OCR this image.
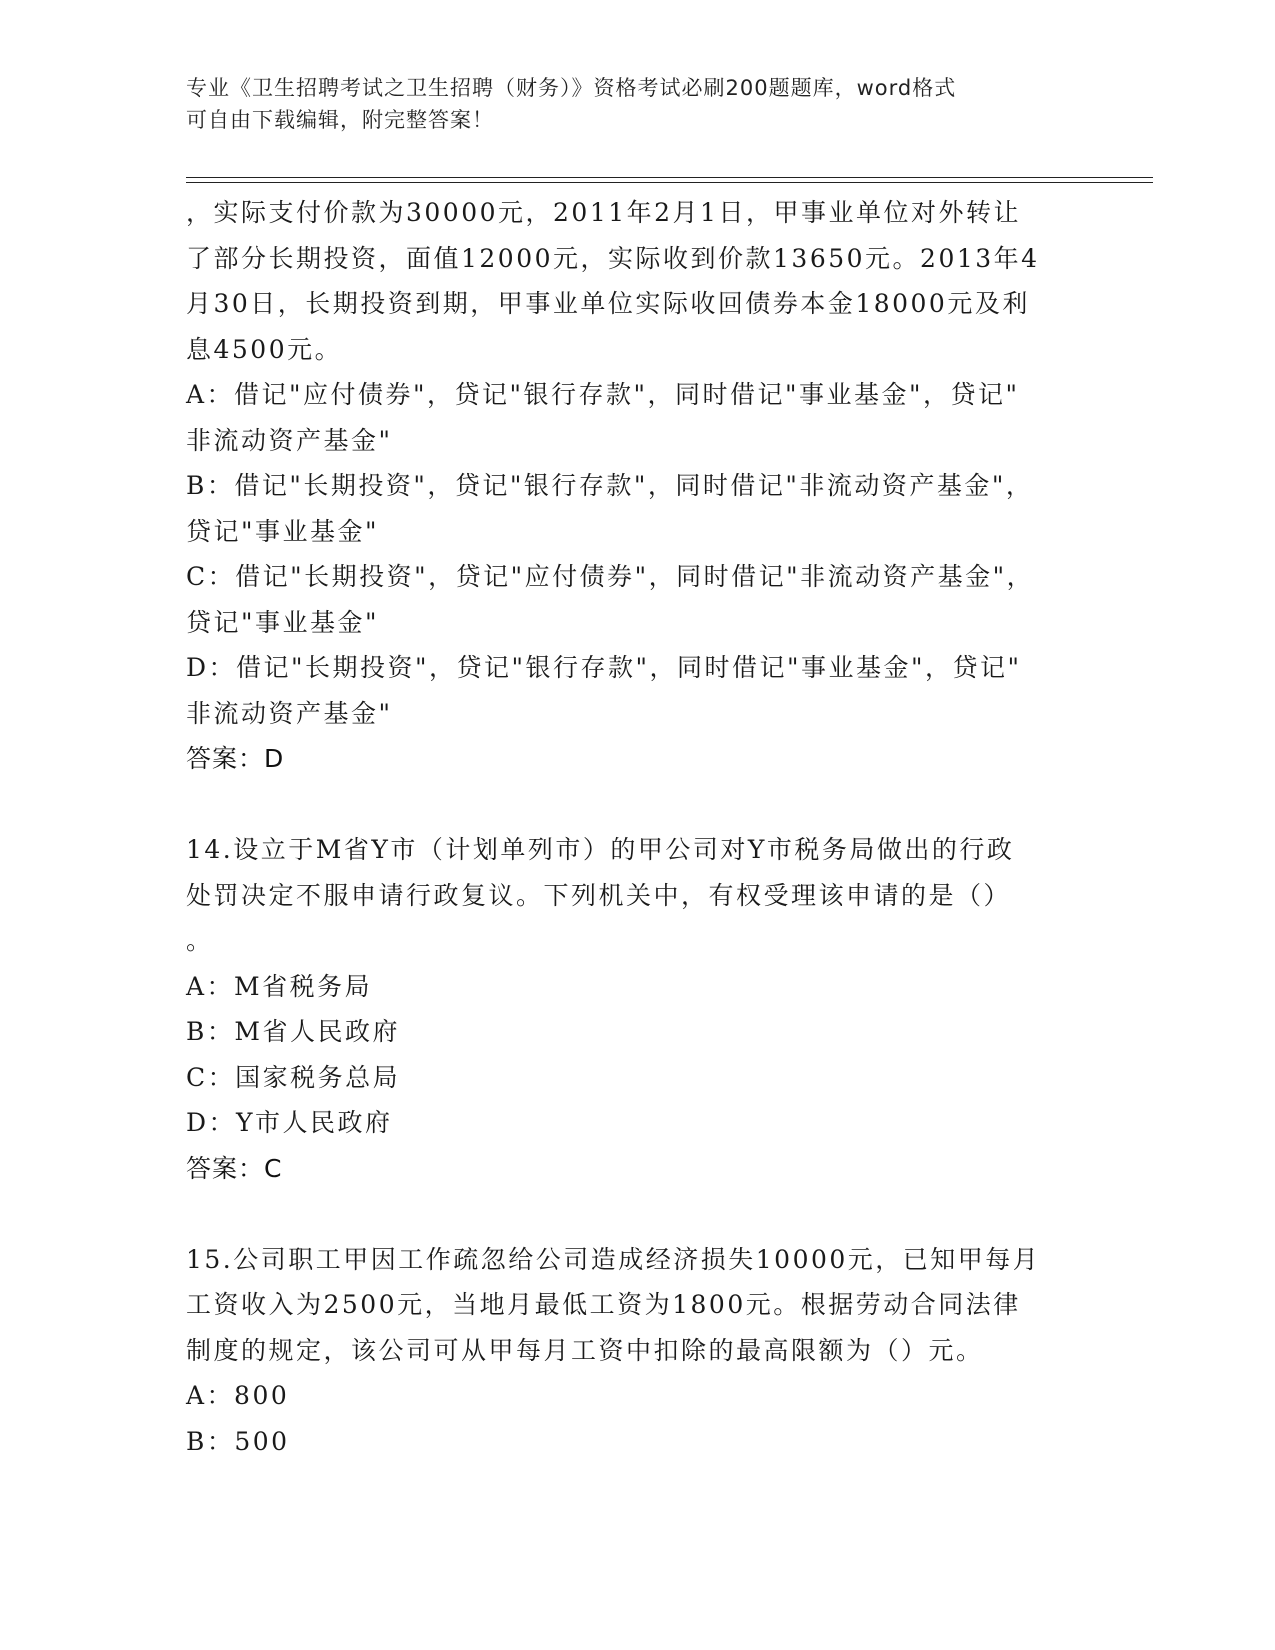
专业《卫生招聘考试之卫生招聘（财务）》资格考试必刷200题题库，word格式
可自由下载编辑，附完整答案！
，实际支付价款为30000元，2011年2月1日，甲事业单位对外转让
了部分长期投资，面值12000元，实际收到价款13650元。2013年4
月30日，长期投资到期，甲事业单位实际收回债券本金18000元及利
息4500元。
A：借记"应付债券"，贷记"银行存款"，同时借记"事业基金"，贷记"
非流动资产基金"
B：借记"长期投资"，贷记"银行存款"，同时借记"非流动资产基金"，
贷记"事业基金"
C：借记"长期投资"，贷记"应付债券"，同时借记"非流动资产基金"，
贷记"事业基金"
D：借记"长期投资"，贷记"银行存款"，同时借记"事业基金"，贷记"
非流动资产基金"
答案：D
14.设立于M省Y市（计划单列市）的甲公司对Y市税务局做出的行政
处罚决定不服申请行政复议。下列机关中，有权受理该申请的是（）
。
A：M省税务局
B：M省人民政府
C：国家税务总局
D：Y市人民政府
答案：C
15.公司职工甲因工作疏忽给公司造成经济损失10000元，已知甲每月
工资收入为2500元，当地月最低工资为1800元。根据劳动合同法律
制度的规定，该公司可从甲每月工资中扣除的最高限额为（）元。
A：800
B：500
